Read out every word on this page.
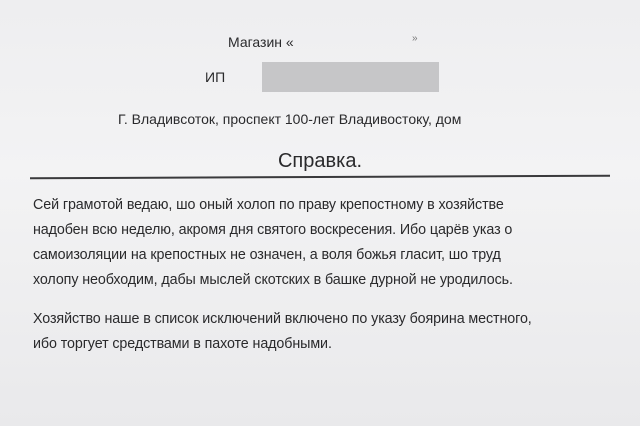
Магазин «	»
ИП
Г. Владивсоток, проспект 100-лет Владивостоку, дом
Справка.
Сей грамотой ведаю, шо оный холоп по праву крепостному в хозяйстве
надобен всю неделю, акромя дня святого воскресения. Ибо царёв указ о
самоизоляции на крепостных не означен, а воля божья гласит, шо труд
холопу необходим, дабы мыслей скотских в башке дурной не уродилось.
Хозяйство наше в список исключений включено по указу боярина местного,
ибо торгует средствами в пахоте надобными.
